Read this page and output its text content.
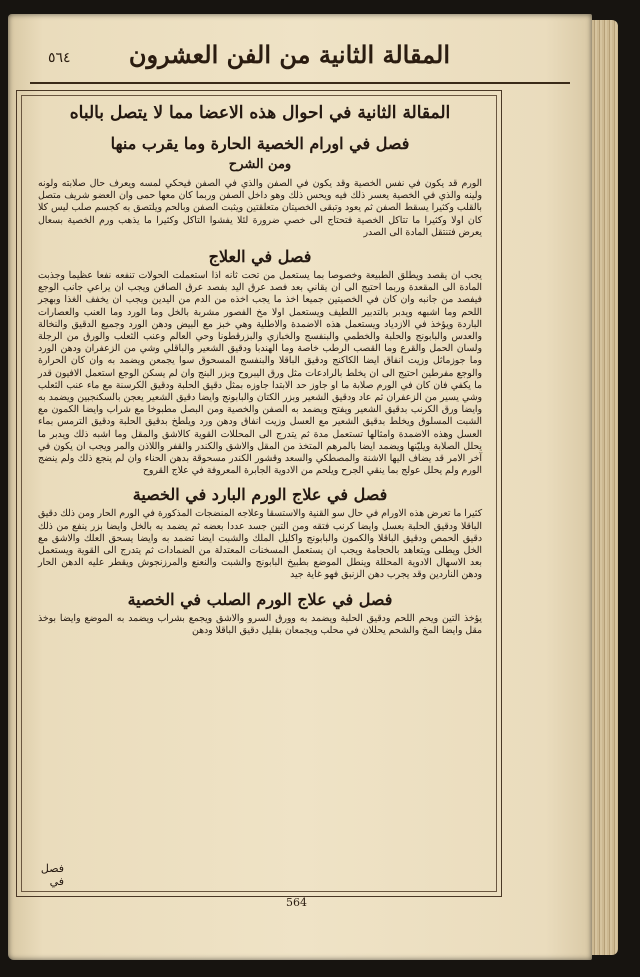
المقالة الثانية من الفن العشرون
٥٦٤
المقالة الثانية في احوال هذه الاعضا مما لا يتصل بالباه
فصل في اورام الخصية الحارة وما يقرب منها
ومن الشرح

الورم قد يكون في نفس الخصية وقد يكون في الصفن والذي في الصفن فيحكي لمسه ويعرف حال صلابته ولونه ولينه والذي في الخصية يعسر ذلك فيه ويحس ذلك وهو داخل الصفن وربما كان معها حمى وان العضو شريف متصل بالقلب وكثيرا يسقط الصفن ثم يعود وتبقى الخصيتان متعلقتين ويثبت الصفن وبالحم ويلتصق به كجسم صلب ليس كلا كان اولا وكثيرا ما تتاكل الخصية فتحتاج الى خصي ضرورة لئلا يفشوا التاكل وكثيرا ما يذهب ورم الخصية بسعال يعرض فتنتقل المادة الى الصدر

فصل في العلاج

يجب ان يقصد ويطلق الطبيعة وخصوصا بما يستعمل من تحت ثانه اذا استعملت الحولات تنفعه نفعا عظيما وجذبت المادة الى المقعدة وربما احتيج الى ان يقاني بعد فصد عرق اليد بفصد عرق الصافن ويجب ان يراعي جانب الوجع فيفصد من جانبه وان كان في الخصيتين جميعا اخذ ما يجب اخذه من الدم من اليدين ويجب ان يخفف الغذا وبهجر اللحم وما اشبهه ويدبر بالتدبير اللطيف ويستعمل اولا مخ الفصور مشربة بالخل وما الورد وما العنب والعصارات الباردة ويؤخذ في الازدياد ويستعمل هذه الاضمدة والاطلية وهي خبز مع البيض ودهن الورد وجميع الدقيق والنخالة والعدس والبابونج والحلبة والخطمي والبنفسج والخبازي والبزرقطونا وحي العالم وعنب الثعلب والورق من الرجلة ولسان الحمل والقرع وما القصب الرطب خاصة وما الهندبا ودقيق الشعير والباقلي وشي من الزعفران ودهن الورد وما جوزماثل وزيت انفاق ايضا الكاكنج ودقيق الباقلا والبنفسج المسحوق سوا يجمعن ويضمد به وان كان الحرارة والوجع مفرطين احتيج الى ان يخلط بالرادعات مثل ورق اليبروح وبزر البنج وان لم يسكن الوجع استعمل الافيون قدر ما يكفي فان كان في الورم صلابة ما او جاوز حد الابتدا جاوزه بمثل دقيق الحلبة ودقيق الكرسنة مع ماء عنب الثعلب وشي يسير من الزعفران ثم عاد ودقيق الشعير وبزر الكتان والبابونج وايضا دقيق الشعير يعجن بالسكنجبين ويضمد به وايضا ورق الكرنب بدقيق الشعير ويفتح ويضمد به الصفن والخصية ومن البصل مطبوخا مع شراب وايضا الكمون مع الشبت المسلوق ويخلط بدقيق الشعير مع العسل وزيت انفاق ودهن ورد ويلطخ بدقيق الحلبة ودقيق الترمس بماء العسل وهذه الاضمدة وامثالها تستعمل مدة ثم يتدرج الى المحللات القوية كالاشق والمقل وما اشبه ذلك ويدبر ما يحلل الصلابة ويليّنها ويضمد ايضا بالمرهم المتخذ من المقل والاشق والكندر والقفر واللاذن والمر ويجب ان يكون في آخر الامر قد يضاف اليها الاشنة والمصطكي والسعد وقشور الكندر مسحوقة بدهن الحناء وان لم ينجع ذلك ولم ينضج الورم ولم يحلل عولج بما ينقي الجرح ويلحم من الادوية الجابرة المعروفة في علاج القروح

فصل في علاج الورم البارد في الخصية

كثيرا ما تعرض هذه الاورام في حال سو القنية والاستسقا وعلاجه المنضجات المذكورة في الورم الحار ومن ذلك دقيق الباقلا ودقيق الحلبة بعسل وايضا كرنب فتقه ومن التين جسد عددا بعضه ثم يضمد به بالخل وايضا بزر ينفع من ذلك دقيق الحمص ودقيق الباقلا والكمون والبابونج واكليل الملك والشبت ايضا تضمد به وايضا يسحق العلك والاشق مع الخل ويطلى ويتعاهد بالحجامة ويجب ان يستعمل المسخنات المعتدلة من الضمادات ثم يتدرج الى القوية ويستعمل بعد الاسهال الادوية المحللة وينطل الموضع بطبيخ البابونج والشبت والنعنع والمرزنجوش ويقطر عليه الدهن الحار ودهن الناردين وقد يجرب دهن الزنبق فهو غاية جيد

فصل في علاج الورم الصلب في الخصية

يؤخذ التين ويحم اللحم ودقيق الحلبة ويضمد به وورق السرو والاشق ويجمع بشراب ويضمد به الموضع وايضا بوخذ مقل وايضا المخ والشحم يحللان في محلب ويجمعان بقليل دقيق الباقلا ودهن

فصل في
564
